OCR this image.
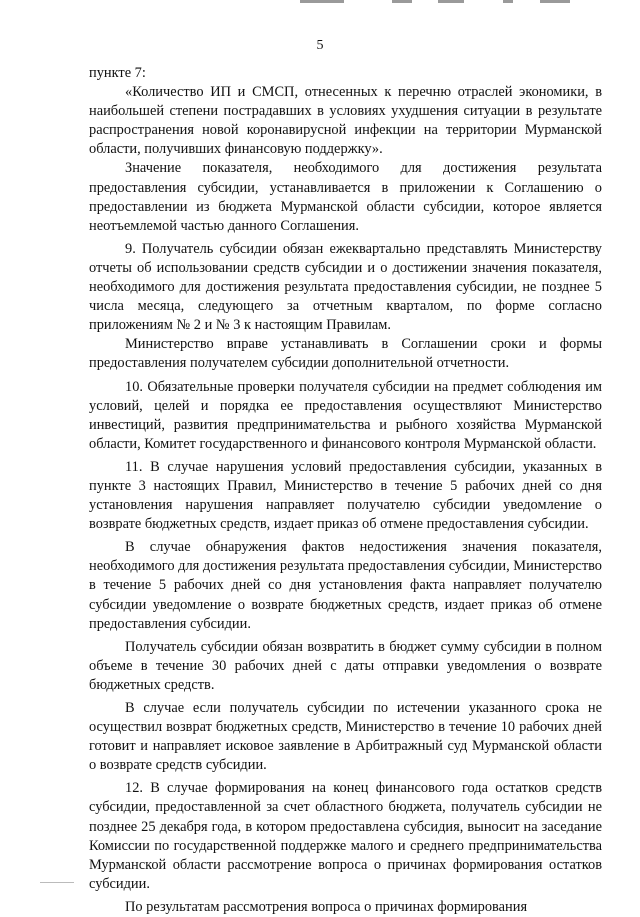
5

пункте 7:

«Количество ИП и СМСП, отнесенных к перечню отраслей экономики, в наибольшей степени пострадавших в условиях ухудшения ситуации в результате распространения новой коронавирусной инфекции на территории Мурманской области, получивших финансовую поддержку».

Значение показателя, необходимого для достижения результата предоставления субсидии, устанавливается в приложении к Соглашению о предоставлении из бюджета Мурманской области субсидии, которое является неотъемлемой частью данного Соглашения.

9. Получатель субсидии обязан ежеквартально представлять Министерству отчеты об использовании средств субсидии и о достижении значения показателя, необходимого для достижения результата предоставления субсидии, не позднее 5 числа месяца, следующего за отчетным кварталом, по форме согласно приложениям № 2 и № 3 к настоящим Правилам.

Министерство вправе устанавливать в Соглашении сроки и формы предоставления получателем субсидии дополнительной отчетности.

10. Обязательные проверки получателя субсидии на предмет соблюдения им условий, целей и порядка ее предоставления осуществляют Министерство инвестиций, развития предпринимательства и рыбного хозяйства Мурманской области, Комитет государственного и финансового контроля Мурманской области.

11. В случае нарушения условий предоставления субсидии, указанных в пункте 3 настоящих Правил, Министерство в течение 5 рабочих дней со дня установления нарушения направляет получателю субсидии уведомление о возврате бюджетных средств, издает приказ об отмене предоставления субсидии.

В случае обнаружения фактов недостижения значения показателя, необходимого для достижения результата предоставления субсидии, Министерство в течение 5 рабочих дней со дня установления факта направляет получателю субсидии уведомление о возврате бюджетных средств, издает приказ об отмене предоставления субсидии.

Получатель субсидии обязан возвратить в бюджет сумму субсидии в полном объеме в течение 30 рабочих дней с даты отправки уведомления о возврате бюджетных средств.

В случае если получатель субсидии по истечении указанного срока не осуществил возврат бюджетных средств, Министерство в течение 10 рабочих дней готовит и направляет исковое заявление в Арбитражный суд Мурманской области о возврате средств субсидии.

12. В случае формирования на конец финансового года остатков средств субсидии, предоставленной за счет областного бюджета, получатель субсидии не позднее 25 декабря года, в котором предоставлена субсидия, выносит на заседание Комиссии по государственной поддержке малого и среднего предпринимательства Мурманской области рассмотрение вопроса о причинах формирования остатков субсидии.

По результатам рассмотрения вопроса о причинах формирования
